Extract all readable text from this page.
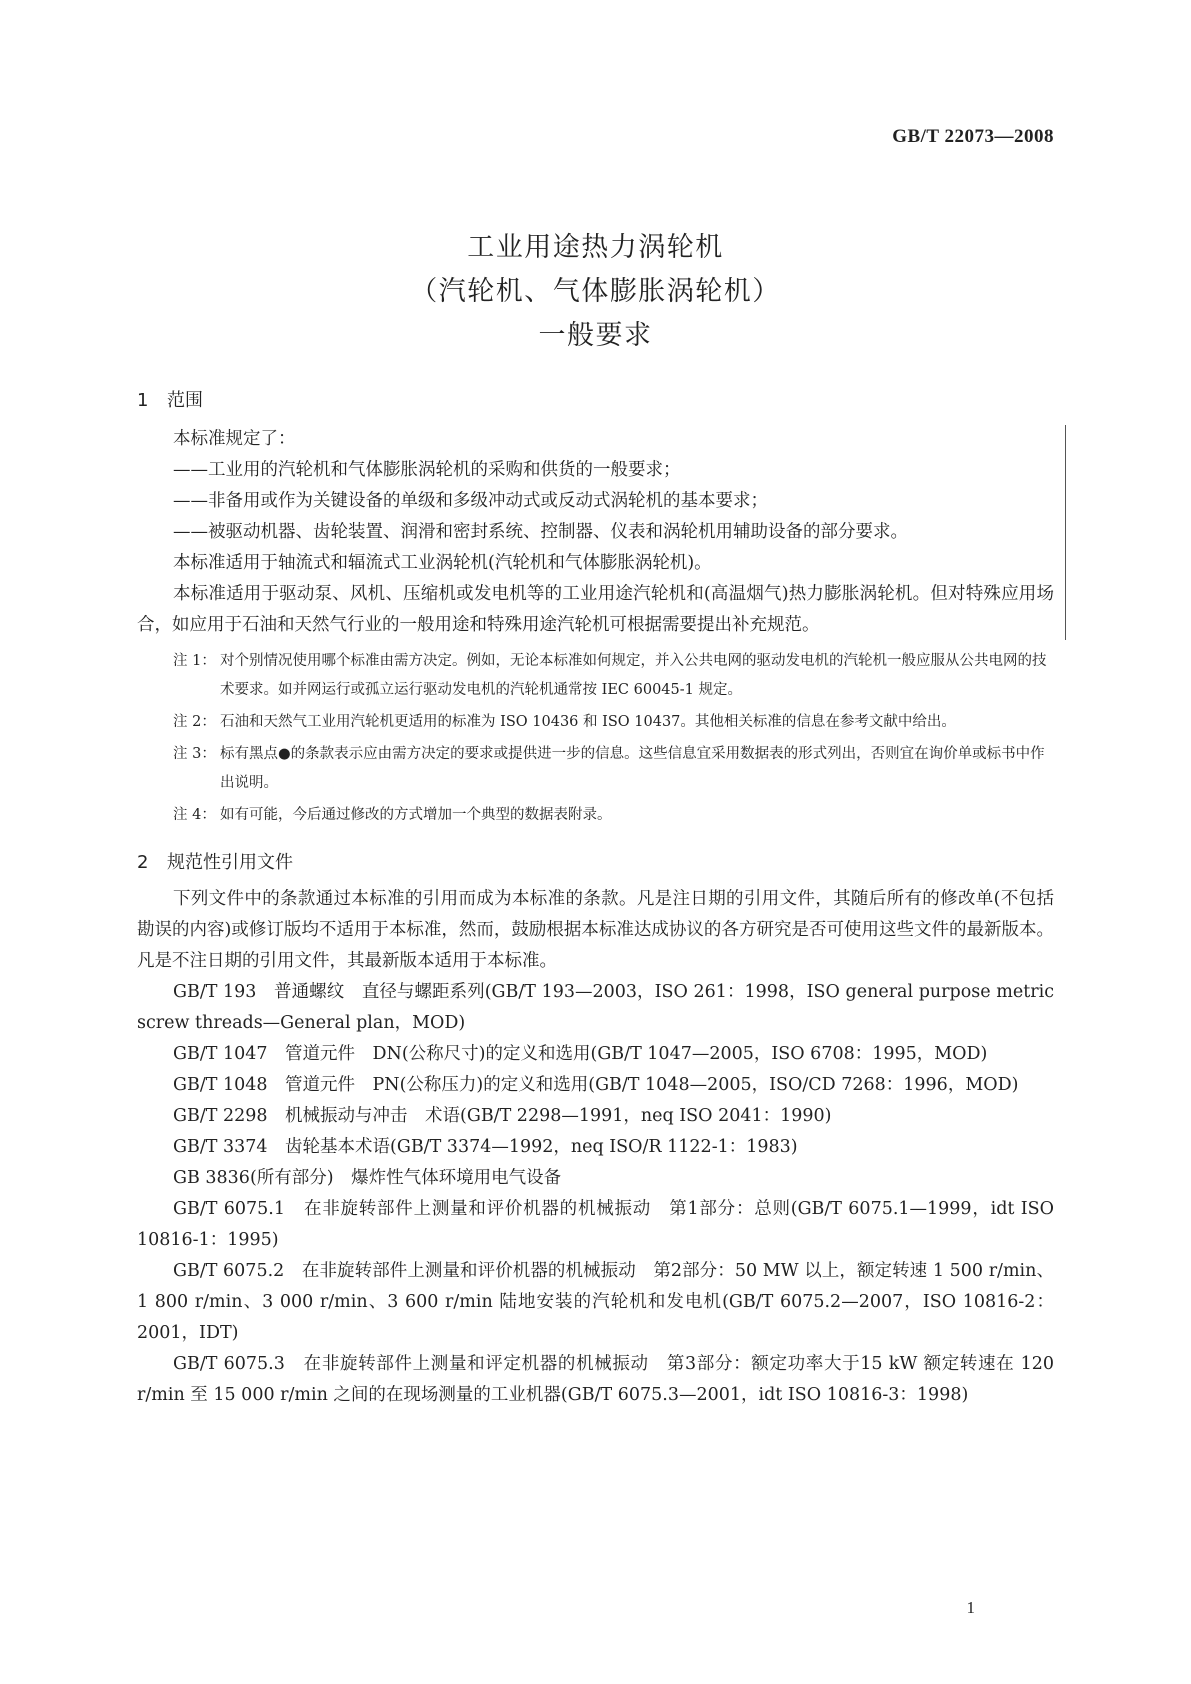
GB/T 22073—2008

工业用途热力涡轮机

（汽轮机、气体膨胀涡轮机）

一般要求

1 范围

本标准规定了：

——工业用的汽轮机和气体膨胀涡轮机的采购和供货的一般要求；

——非备用或作为关键设备的单级和多级冲动式或反动式涡轮机的基本要求；

——被驱动机器、齿轮装置、润滑和密封系统、控制器、仪表和涡轮机用辅助设备的部分要求。

本标准适用于轴流式和辐流式工业涡轮机(汽轮机和气体膨胀涡轮机)。

本标准适用于驱动泵、风机、压缩机或发电机等的工业用途汽轮机和(高温烟气)热力膨胀涡轮机。但对特殊应用场合，如应用于石油和天然气行业的一般用途和特殊用途汽轮机可根据需要提出补充规范。

注 1： 对个别情况使用哪个标准由需方决定。例如，无论本标准如何规定，并入公共电网的驱动发电机的汽轮机一般应服从公共电网的技术要求。如并网运行或孤立运行驱动发电机的汽轮机通常按 IEC 60045-1 规定。

注 2： 石油和天然气工业用汽轮机更适用的标准为 ISO 10436 和 ISO 10437。其他相关标准的信息在参考文献中给出。

注 3： 标有黑点●的条款表示应由需方决定的要求或提供进一步的信息。这些信息宜采用数据表的形式列出，否则宜在询价单或标书中作出说明。

注 4： 如有可能，今后通过修改的方式增加一个典型的数据表附录。

2 规范性引用文件

下列文件中的条款通过本标准的引用而成为本标准的条款。凡是注日期的引用文件，其随后所有的修改单(不包括勘误的内容)或修订版均不适用于本标准，然而，鼓励根据本标准达成协议的各方研究是否可使用这些文件的最新版本。凡是不注日期的引用文件，其最新版本适用于本标准。

GB/T 193　普通螺纹　直径与螺距系列(GB/T 193—2003，ISO 261：1998，ISO general purpose metric screw threads—General plan，MOD)

GB/T 1047　管道元件　DN(公称尺寸)的定义和选用(GB/T 1047—2005，ISO 6708：1995，MOD)

GB/T 1048　管道元件　PN(公称压力)的定义和选用(GB/T 1048—2005，ISO/CD 7268：1996，MOD)

GB/T 2298　机械振动与冲击　术语(GB/T 2298—1991，neq ISO 2041：1990)

GB/T 3374　齿轮基本术语(GB/T 3374—1992，neq ISO/R 1122-1：1983)

GB 3836(所有部分)　爆炸性气体环境用电气设备

GB/T 6075.1　在非旋转部件上测量和评价机器的机械振动　第1部分：总则(GB/T 6075.1—1999，idt ISO 10816-1：1995)

GB/T 6075.2　在非旋转部件上测量和评价机器的机械振动　第2部分：50 MW 以上，额定转速 1 500 r/min、1 800 r/min、3 000 r/min、3 600 r/min 陆地安装的汽轮机和发电机(GB/T 6075.2—2007，ISO 10816-2：2001，IDT)

GB/T 6075.3　在非旋转部件上测量和评定机器的机械振动　第3部分：额定功率大于15 kW 额定转速在 120 r/min 至 15 000 r/min 之间的在现场测量的工业机器(GB/T 6075.3—2001，idt ISO 10816-3：1998)

1
